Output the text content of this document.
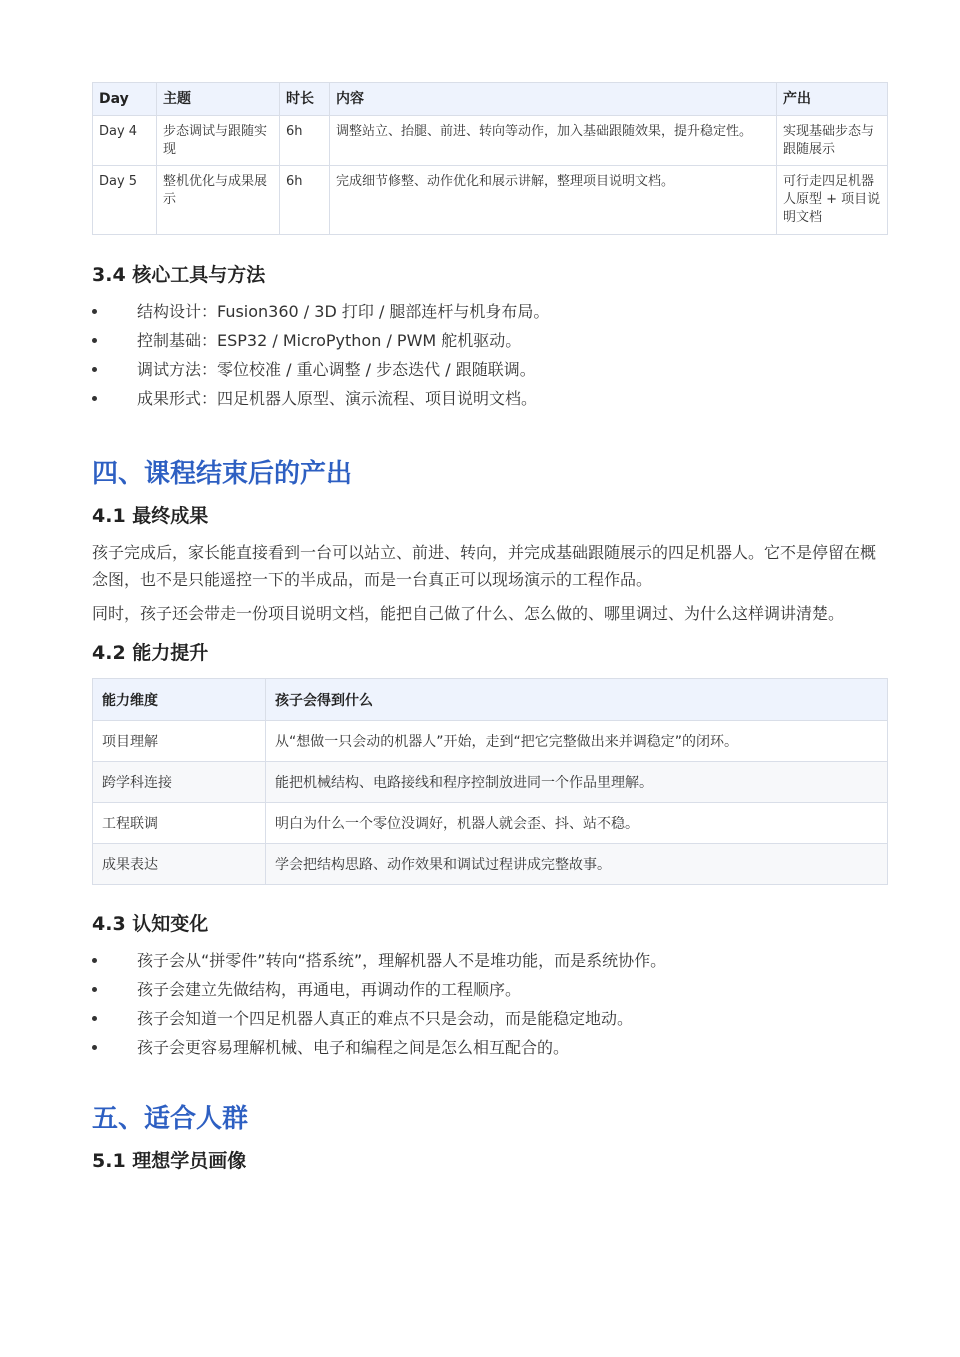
Day	主题	时长	内容	产出
Day 4	步态调试与跟随实现	6h	调整站立、抬腿、前进、转向等动作，加入基础跟随效果，提升稳定性。	实现基础步态与跟随展示
Day 5	整机优化与成果展示	6h	完成细节修整、动作优化和展示讲解，整理项目说明文档。	可行走四足机器人原型 + 项目说明文档
3.4 核心工具与方法
结构设计：Fusion360 / 3D 打印 / 腿部连杆与机身布局。
控制基础：ESP32 / MicroPython / PWM 舵机驱动。
调试方法：零位校准 / 重心调整 / 步态迭代 / 跟随联调。
成果形式：四足机器人原型、演示流程、项目说明文档。
四、课程结束后的产出
4.1 最终成果

孩子完成后，家长能直接看到一台可以站立、前进、转向，并完成基础跟随展示的四足机器人。它不是停留在概念图，也不是只能遥控一下的半成品，而是一台真正可以现场演示的工程作品。

同时，孩子还会带走一份项目说明文档，能把自己做了什么、怎么做的、哪里调过、为什么这样调讲清楚。

4.2 能力提升
能力维度	孩子会得到什么
项目理解	从“想做一只会动的机器人”开始，走到“把它完整做出来并调稳定”的闭环。
跨学科连接	能把机械结构、电路接线和程序控制放进同一个作品里理解。
工程联调	明白为什么一个零位没调好，机器人就会歪、抖、站不稳。
成果表达	学会把结构思路、动作效果和调试过程讲成完整故事。
4.3 认知变化
孩子会从“拼零件”转向“搭系统”，理解机器人不是堆功能，而是系统协作。
孩子会建立先做结构，再通电，再调动作的工程顺序。
孩子会知道一个四足机器人真正的难点不只是会动，而是能稳定地动。
孩子会更容易理解机械、电子和编程之间是怎么相互配合的。
五、适合人群
5.1 理想学员画像
